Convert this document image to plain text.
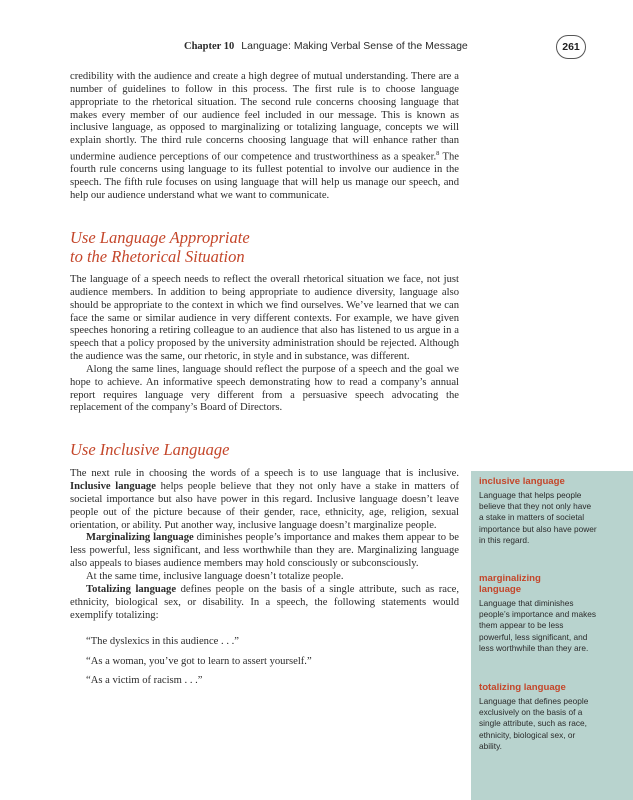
Chapter 10 Language: Making Verbal Sense of the Message	261

credibility with the audience and create a high degree of mutual understanding. There are a number of guidelines to follow in this process. The first rule is to choose language appropriate to the rhetorical situation. The second rule concerns choosing language that makes every member of our audience feel included in our message. This is known as inclusive language, as opposed to marginalizing or totalizing language, concepts we will explain shortly. The third rule concerns choosing language that will enhance rather than undermine audience perceptions of our competence and trustworthiness as a speaker.$^8$ The fourth rule concerns using language to its fullest potential to involve our audience in the speech. The fifth rule focuses on using language that will help us manage our speech, and help our audience understand what we want to communicate.

Use Language Appropriate
to the Rhetorical Situation

The language of a speech needs to reflect the overall rhetorical situation we face, not just audience members. In addition to being appropriate to audience diversity, language also should be appropriate to the context in which we find ourselves. We’ve learned that we can face the same or similar audience in very different contexts. For example, we have given speeches honoring a retiring colleague to an audience that also has listened to us argue in a speech that a policy proposed by the university administration should be rejected. Although the audience was the same, our rhetoric, in style and in substance, was different.

Along the same lines, language should reflect the purpose of a speech and the goal we hope to achieve. An informative speech demonstrating how to read a company’s annual report requires language very different from a persuasive speech advocating the replacement of the company’s Board of Directors.

Use Inclusive Language

The next rule in choosing the words of a speech is to use language that is inclusive. Inclusive language helps people believe that they not only have a stake in matters of societal importance but also have power in this regard. Inclusive language doesn’t leave people out of the picture because of their gender, race, ethnicity, age, religion, sexual orientation, or ability. Put another way, inclusive language doesn’t marginalize people.

Marginalizing language diminishes people’s importance and makes them appear to be less powerful, less significant, and less worthwhile than they are. Marginalizing language also appeals to biases audience members may hold consciously or subconsciously.

At the same time, inclusive language doesn’t totalize people.

Totalizing language defines people on the basis of a single attribute, such as race, ethnicity, biological sex, or disability. In a speech, the following statements would exemplify totalizing:

“The dyslexics in this audience . . .”

“As a woman, you’ve got to learn to assert yourself.”

“As a victim of racism . . .”

inclusive language

Language that helps people believe that they not only have a stake in matters of societal importance but also have power in this regard.

marginalizing language

Language that diminishes people’s importance and makes them appear to be less powerful, less significant, and less worthwhile than they are.

totalizing language

Language that defines people exclusively on the basis of a single attribute, such as race, ethnicity, biological sex, or ability.
